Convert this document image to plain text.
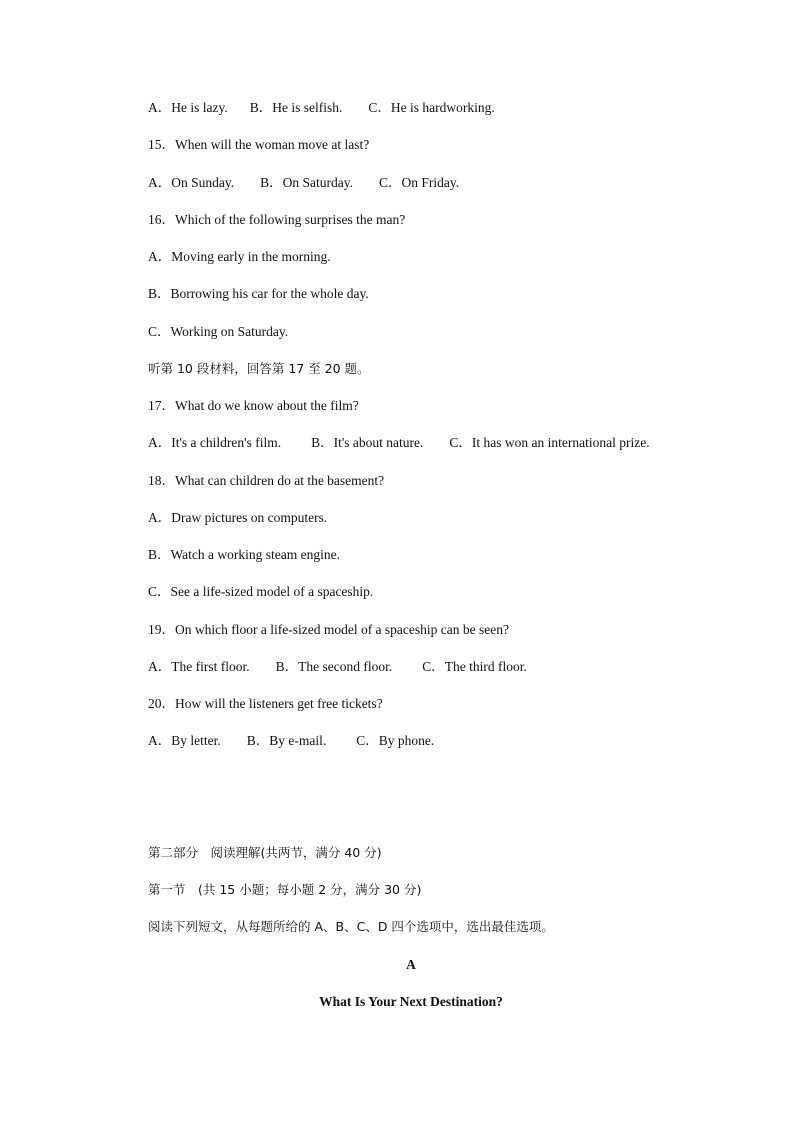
A．He is lazy. B．He is selfish. C．He is hardworking.
15．When will the woman move at last?
A．On Sunday. B．On Saturday. C．On Friday.
16．Which of the following surprises the man?
A．Moving early in the morning.
B．Borrowing his car for the whole day.
C．Working on Saturday.
听第 10 段材料，回答第 17 至 20 题。
17．What do we know about the film?
A．It's a children's film. B．It's about nature. C．It has won an international prize.
18．What can children do at the basement?
A．Draw pictures on computers.
B．Watch a working steam engine.
C．See a life-sized model of a spaceship.
19．On which floor a life-sized model of a spaceship can be seen?
A．The first floor. B．The second floor. C．The third floor.
20．How will the listeners get free tickets?
A．By letter. B．By e-mail. C．By phone.
第二部分　阅读理解(共两节，满分 40 分)
第一节　(共 15 小题；每小题 2 分，满分 30 分)
阅读下列短文，从每题所给的 A、B、C、D 四个选项中，选出最佳选项。
A
What Is Your Next Destination?
